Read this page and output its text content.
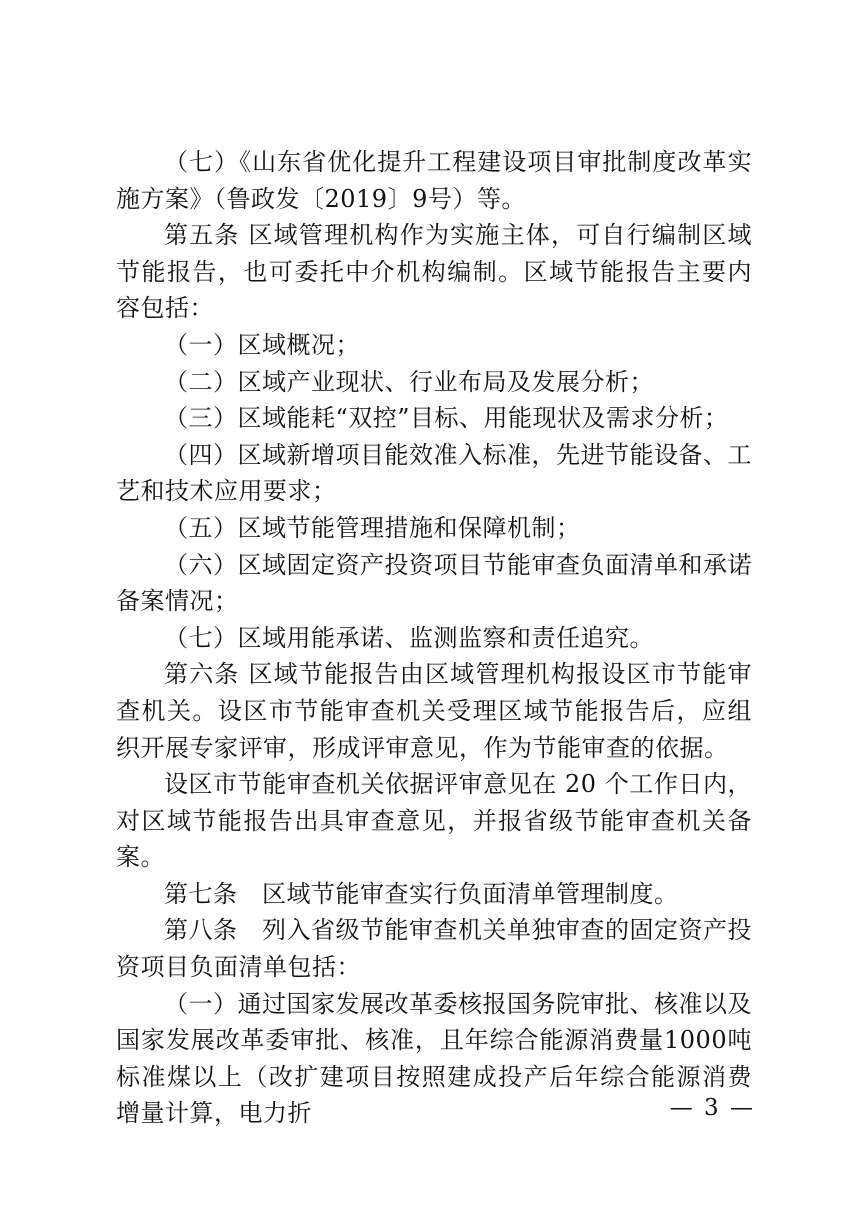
（七）《山东省优化提升工程建设项目审批制度改革实施方案》（鲁政发〔2019〕9号）等。

第五条 区域管理机构作为实施主体，可自行编制区域节能报告，也可委托中介机构编制。区域节能报告主要内容包括：

（一）区域概况；

（二）区域产业现状、行业布局及发展分析；

（三）区域能耗“双控”目标、用能现状及需求分析；

（四）区域新增项目能效准入标准，先进节能设备、工艺和技术应用要求；

（五）区域节能管理措施和保障机制；

（六）区域固定资产投资项目节能审查负面清单和承诺备案情况；

（七）区域用能承诺、监测监察和责任追究。

第六条 区域节能报告由区域管理机构报设区市节能审查机关。设区市节能审查机关受理区域节能报告后，应组织开展专家评审，形成评审意见，作为节能审查的依据。

设区市节能审查机关依据评审意见在 20 个工作日内，对区域节能报告出具审查意见，并报省级节能审查机关备案。

第七条　区域节能审查实行负面清单管理制度。

第八条　列入省级节能审查机关单独审查的固定资产投资项目负面清单包括：

（一）通过国家发展改革委核报国务院审批、核准以及国家发展改革委审批、核准，且年综合能源消费量1000吨标准煤以上（改扩建项目按照建成投产后年综合能源消费增量计算，电力折	— 3 —
